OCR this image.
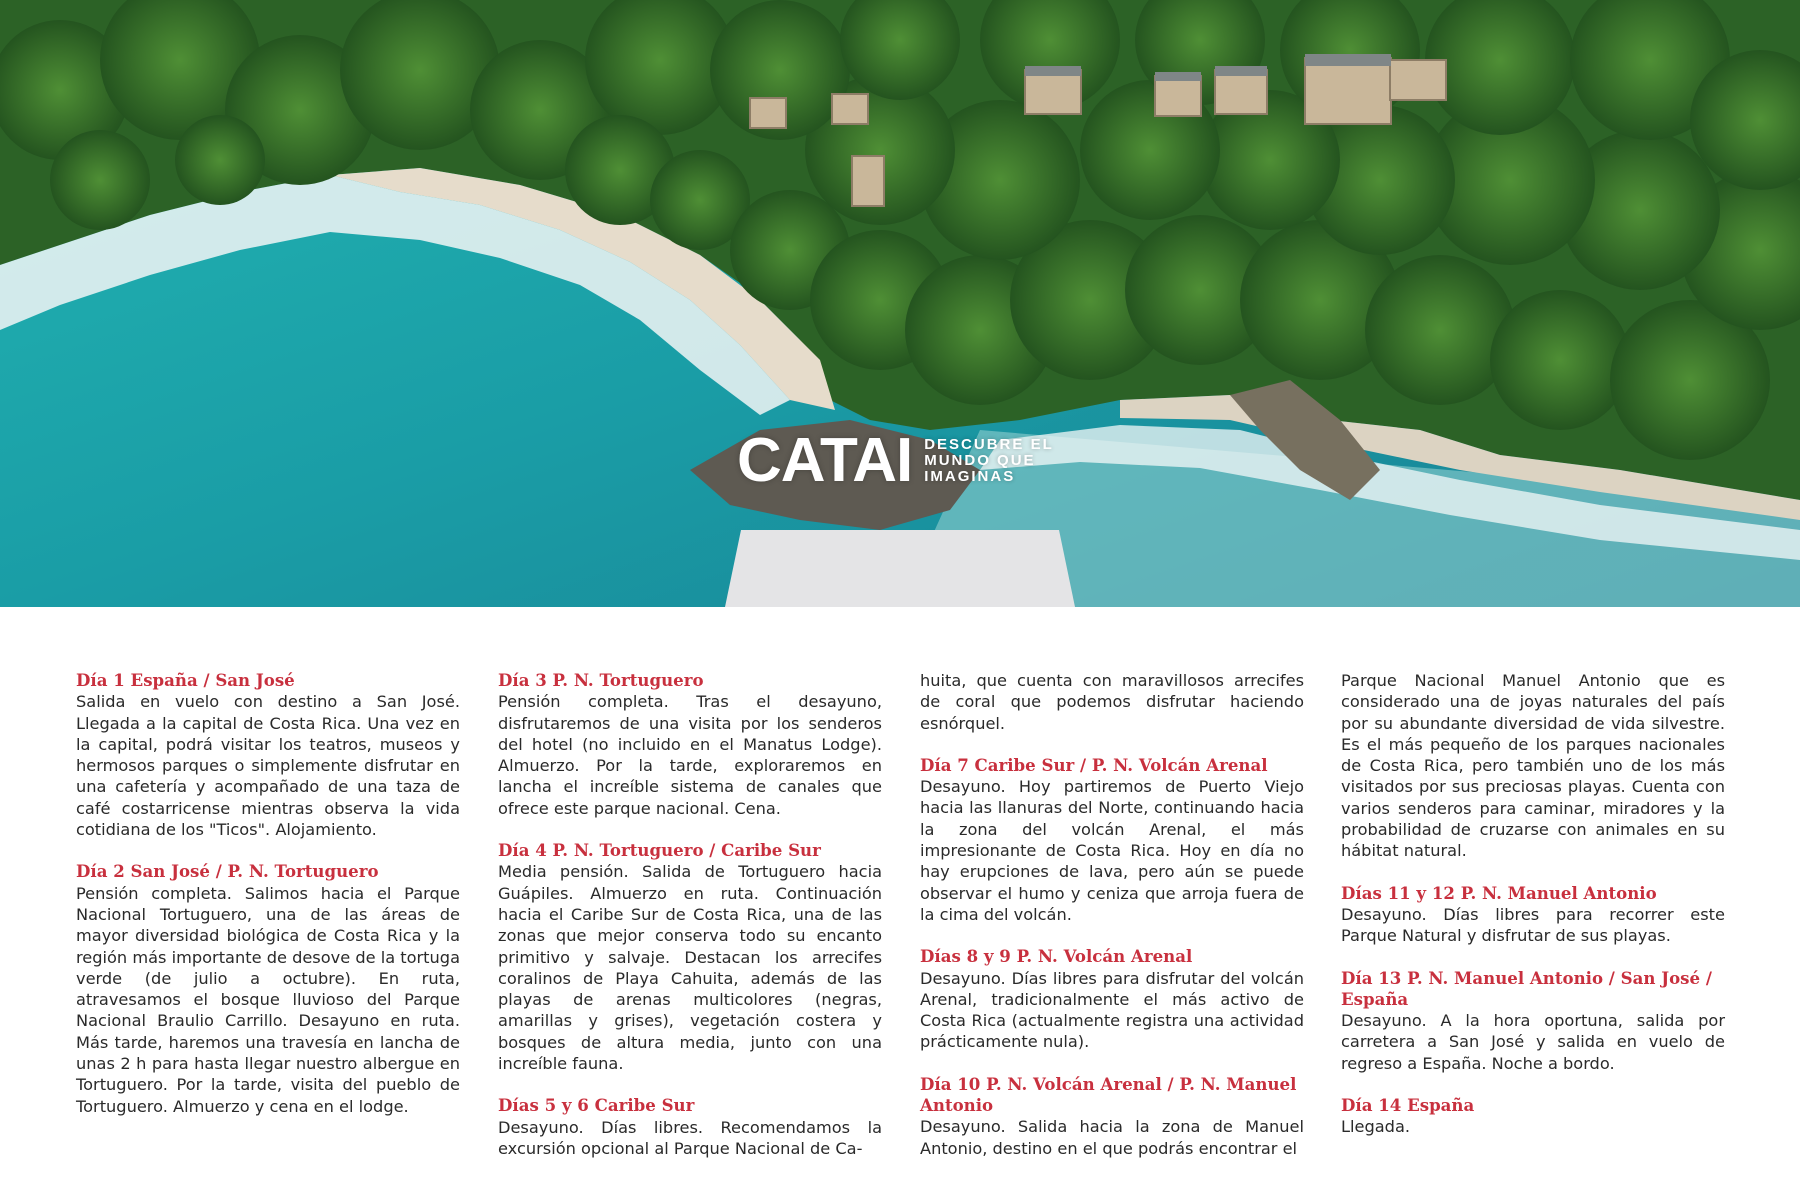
CATAI DESCUBRE EL
MUNDO QUE
IMAGINAS
Día 1 España / San José
Salida en vuelo con destino a San José. Llegada a la capital de Costa Rica. Una vez en la capital, podrá visitar los teatros, museos y hermosos parques o simplemente disfrutar en una cafetería y acompañado de una taza de café costarricense mientras observa la vida cotidiana de los "Ticos". Alojamiento.
Día 2 San José / P. N. Tortuguero
Pensión completa. Salimos hacia el Parque Nacional Tortuguero, una de las áreas de mayor diversidad biológica de Costa Rica y la región más importante de desove de la tortuga verde (de julio a octubre). En ruta, atravesamos el bosque lluvioso del Parque Nacional Braulio Carrillo. Desayuno en ruta. Más tarde, haremos una travesía en lancha de unas 2 h para hasta llegar nuestro albergue en Tortuguero. Por la tarde, visita del pueblo de Tortuguero. Almuerzo y cena en el lodge.
Día 3 P. N. Tortuguero
Pensión completa. Tras el desayuno, disfrutaremos de una visita por los senderos del hotel (no incluido en el Manatus Lodge). Almuerzo. Por la tarde, exploraremos en lancha el increíble sistema de canales que ofrece este parque nacional. Cena.
Día 4 P. N. Tortuguero / Caribe Sur
Media pensión. Salida de Tortuguero hacia Guápiles. Almuerzo en ruta. Continuación hacia el Caribe Sur de Costa Rica, una de las zonas que mejor conserva todo su encanto primitivo y salvaje. Destacan los arrecifes coralinos de Playa Cahuita, además de las playas de arenas multicolores (negras, amarillas y grises), vegetación costera y bosques de altura media, junto con una increíble fauna.
Días 5 y 6 Caribe Sur
Desayuno. Días libres. Recomendamos la excursión opcional al Parque Nacional de Ca-
huita, que cuenta con maravillosos arrecifes de coral que podemos disfrutar haciendo esnórquel.
Día 7 Caribe Sur / P. N. Volcán Arenal
Desayuno. Hoy partiremos de Puerto Viejo hacia las llanuras del Norte, continuando hacia la zona del volcán Arenal, el más impresionante de Costa Rica. Hoy en día no hay erupciones de lava, pero aún se puede observar el humo y ceniza que arroja fuera de la cima del volcán.
Días 8 y 9 P. N. Volcán Arenal
Desayuno. Días libres para disfrutar del volcán Arenal, tradicionalmente el más activo de Costa Rica (actualmente registra una actividad prácticamente nula).
Día 10 P. N. Volcán Arenal / P. N. Manuel Antonio
Desayuno. Salida hacia la zona de Manuel Antonio, destino en el que podrás encontrar el
Parque Nacional Manuel Antonio que es considerado una de joyas naturales del país por su abundante diversidad de vida silvestre. Es el más pequeño de los parques nacionales de Costa Rica, pero también uno de los más visitados por sus preciosas playas. Cuenta con varios senderos para caminar, miradores y la probabilidad de cruzarse con animales en su hábitat natural.
Días 11 y 12 P. N. Manuel Antonio
Desayuno. Días libres para recorrer este Parque Natural y disfrutar de sus playas.
Día 13 P. N. Manuel Antonio / San José / España
Desayuno. A la hora oportuna, salida por carretera a San José y salida en vuelo de regreso a España. Noche a bordo.
Día 14 España
Llegada.
